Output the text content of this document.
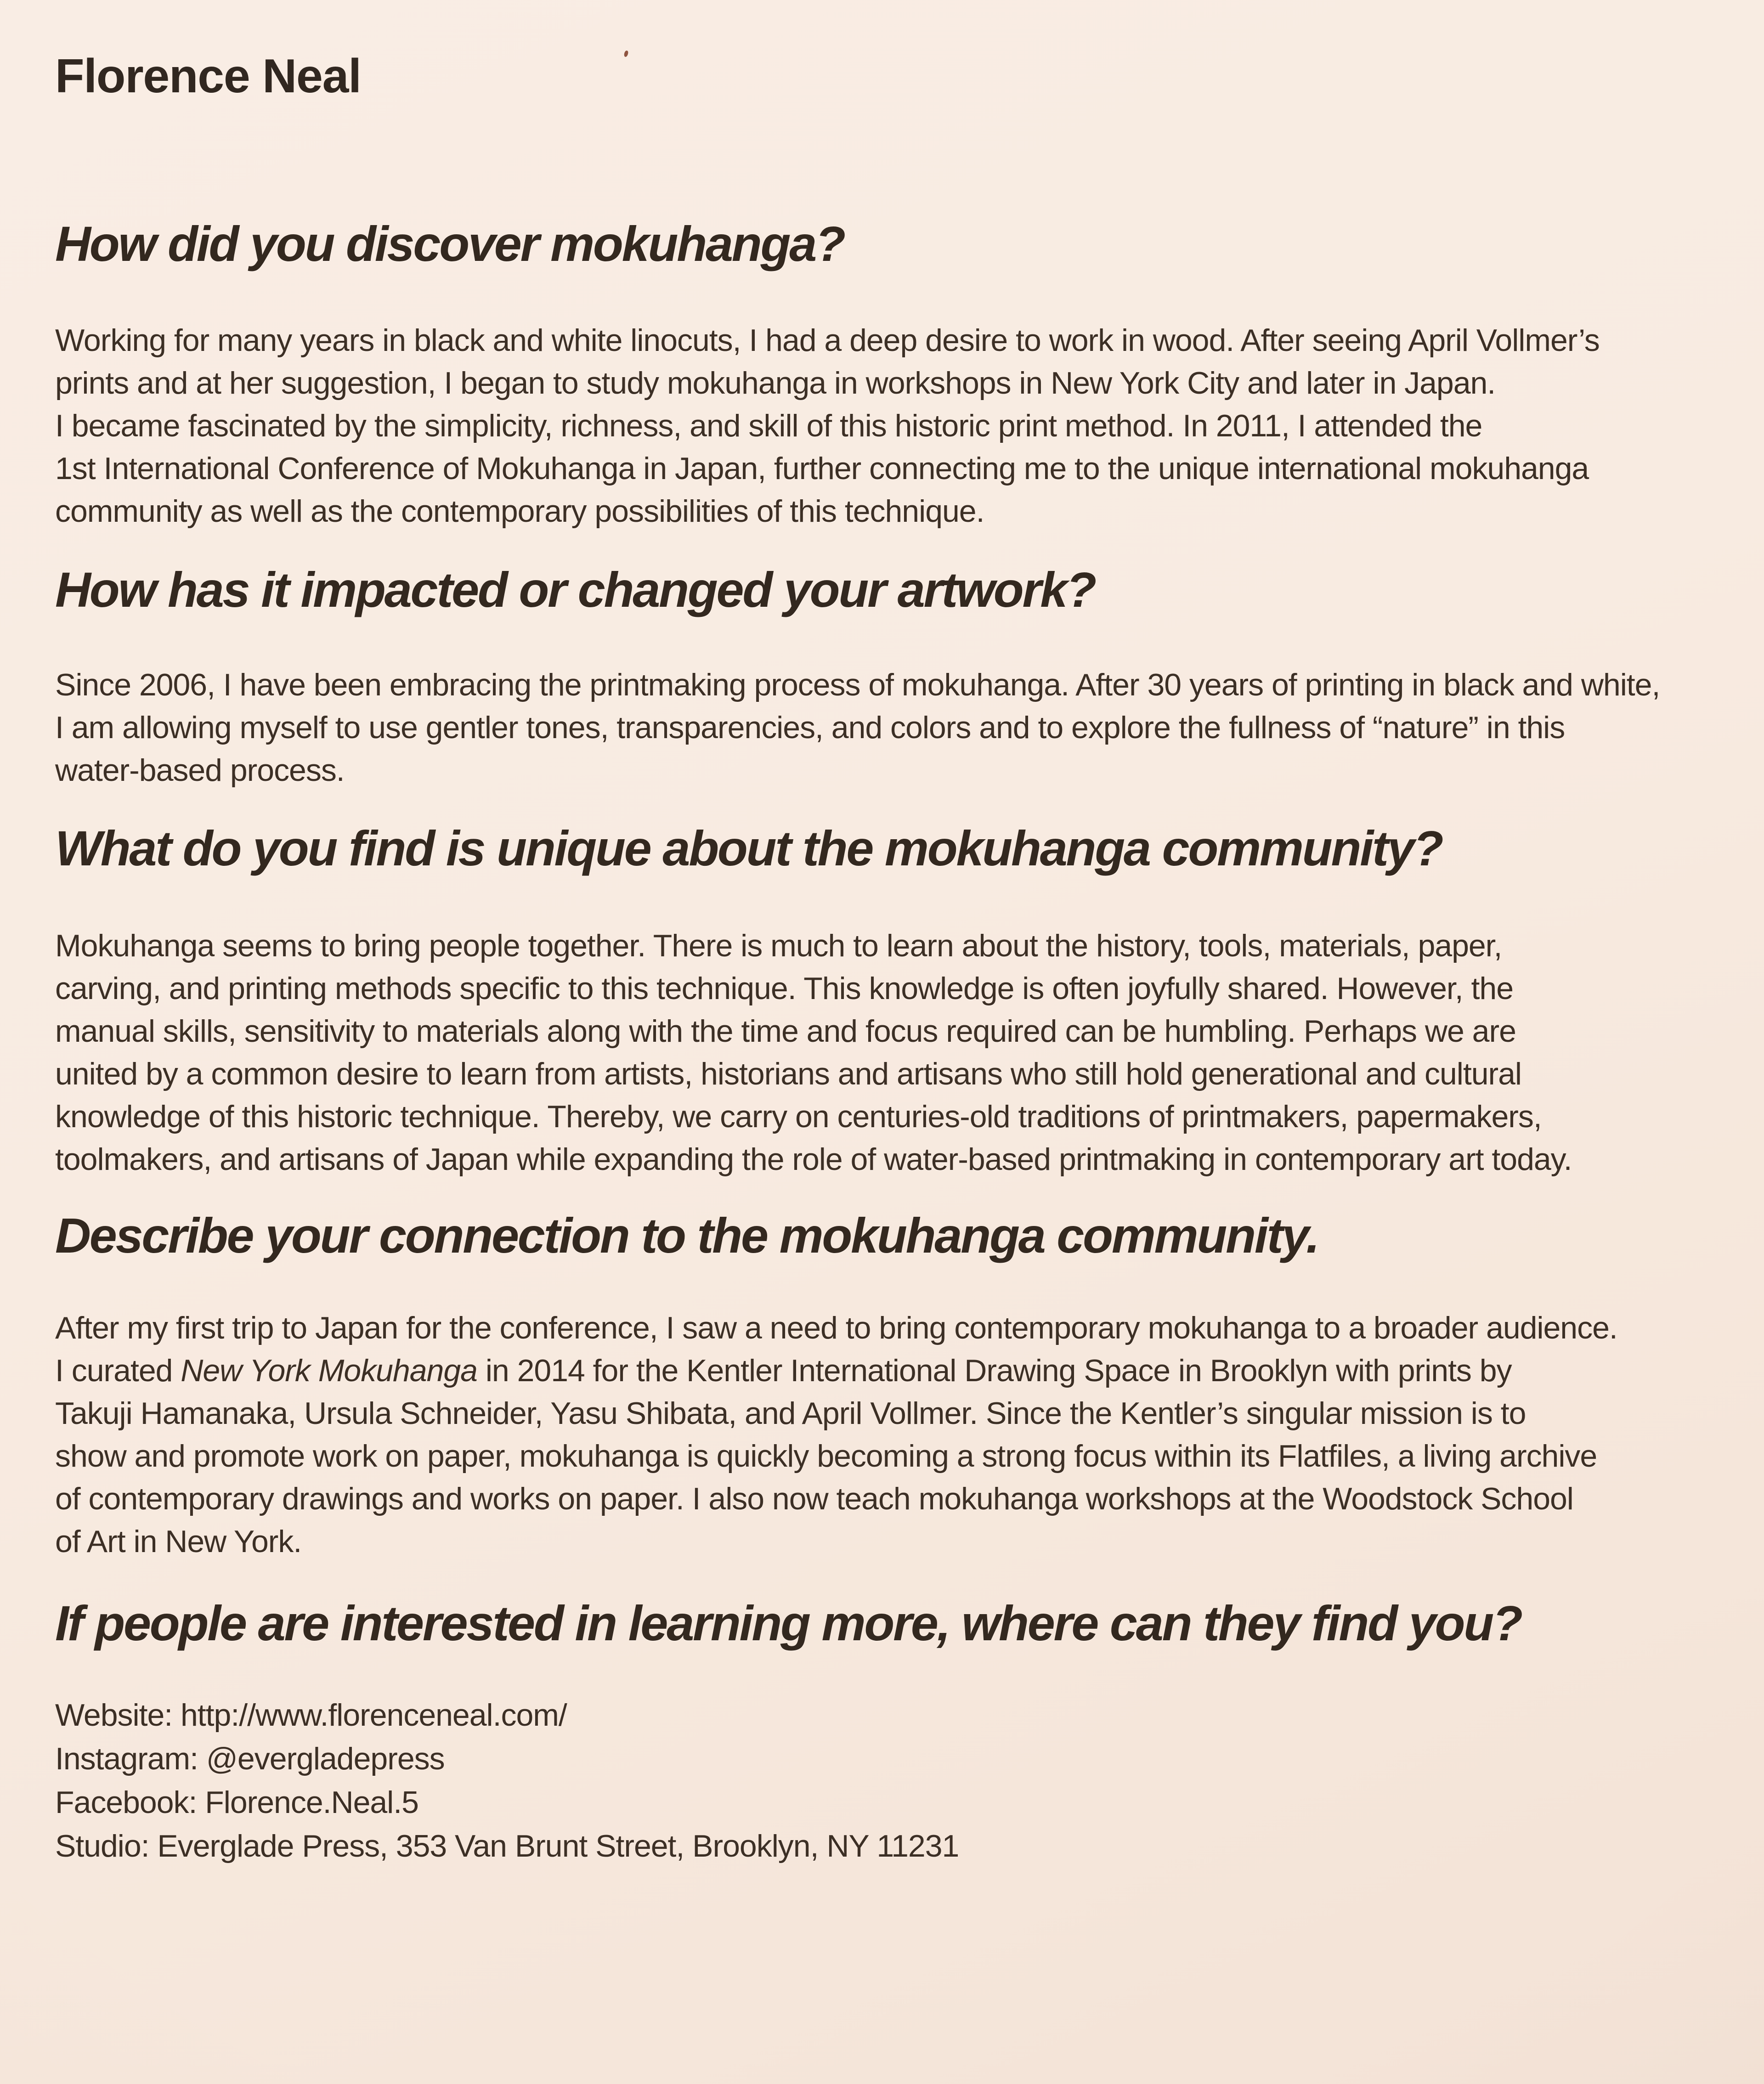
Florence Neal
How did you discover mokuhanga?

Working for many years in black and white linocuts, I had a deep desire to work in wood. After seeing April Vollmer’s
prints and at her suggestion, I began to study mokuhanga in workshops in New York City and later in Japan.
I became fascinated by the simplicity, richness, and skill of this historic print method. In 2011, I attended the
1st International Conference of Mokuhanga in Japan, further connecting me to the unique international mokuhanga
community as well as the contemporary possibilities of this technique.

How has it impacted or changed your artwork?

Since 2006, I have been embracing the printmaking process of mokuhanga. After 30 years of printing in black and white,
I am allowing myself to use gentler tones, transparencies, and colors and to explore the fullness of “nature” in this
water-based process.

What do you find is unique about the mokuhanga community?

Mokuhanga seems to bring people together. There is much to learn about the history, tools, materials, paper,
carving, and printing methods specific to this technique. This knowledge is often joyfully shared. However, the
manual skills, sensitivity to materials along with the time and focus required can be humbling. Perhaps we are
united by a common desire to learn from artists, historians and artisans who still hold generational and cultural
knowledge of this historic technique. Thereby, we carry on centuries-old traditions of printmakers, papermakers,
toolmakers, and artisans of Japan while expanding the role of water-based printmaking in contemporary art today.

Describe your connection to the mokuhanga community.

After my first trip to Japan for the conference, I saw a need to bring contemporary mokuhanga to a broader audience.
I curated New York Mokuhanga in 2014 for the Kentler International Drawing Space in Brooklyn with prints by
Takuji Hamanaka, Ursula Schneider, Yasu Shibata, and April Vollmer. Since the Kentler’s singular mission is to
show and promote work on paper, mokuhanga is quickly becoming a strong focus within its Flatfiles, a living archive
of contemporary drawings and works on paper. I also now teach mokuhanga workshops at the Woodstock School
of Art in New York.

If people are interested in learning more, where can they find you?

Website: http://www.florenceneal.com/
Instagram: @evergladepress
Facebook: Florence.Neal.5
Studio: Everglade Press, 353 Van Brunt Street, Brooklyn, NY 11231
